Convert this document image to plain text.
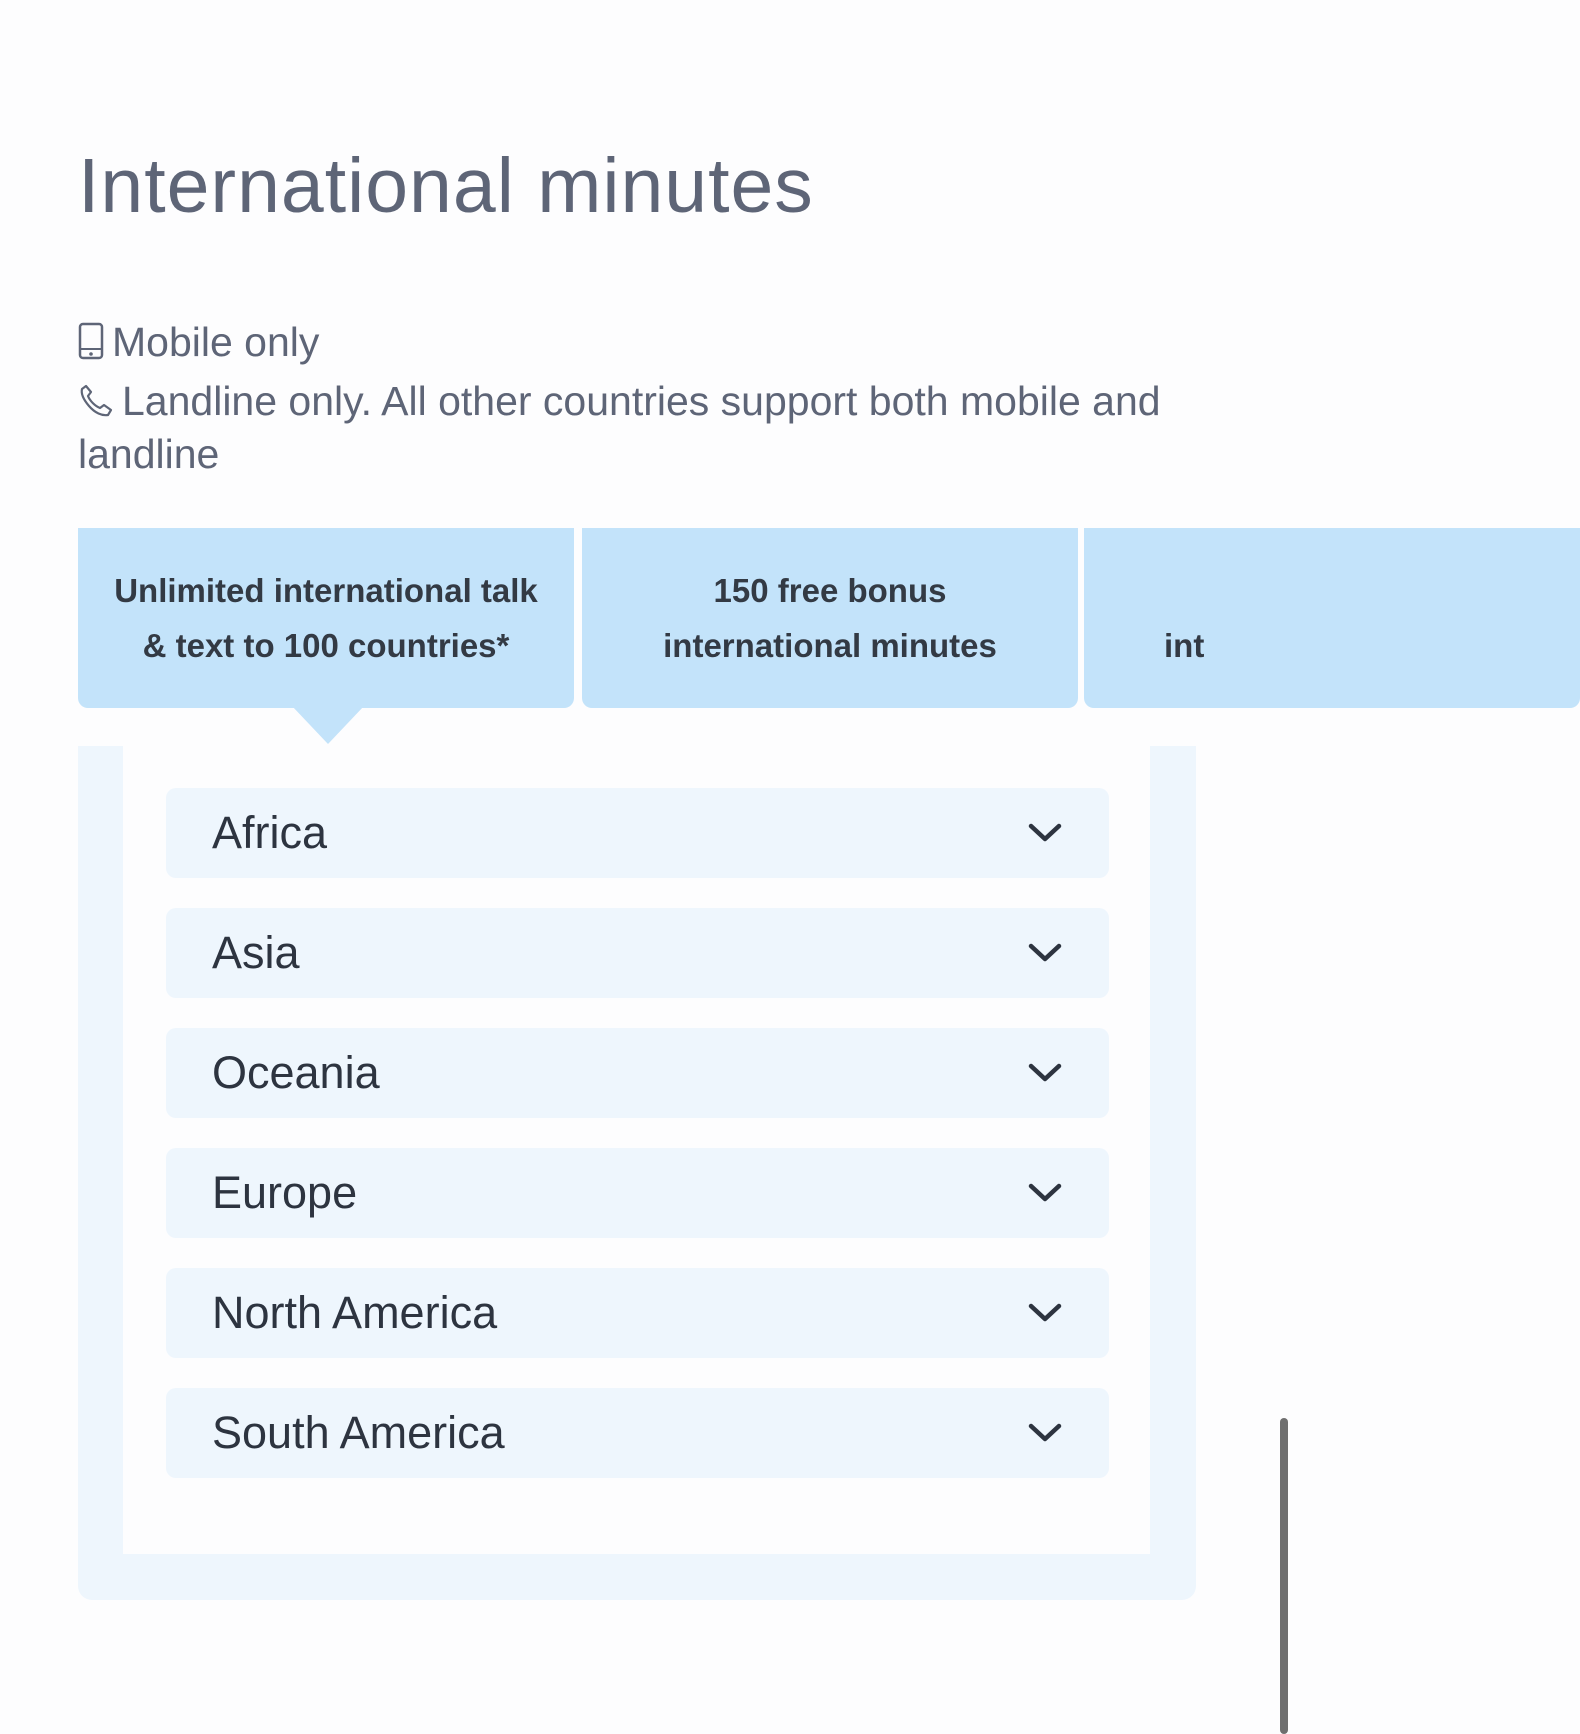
International minutes
Mobile only
Landline only. All other countries support both mobile and landline
Unlimited international talk
& text to 100 countries*
150 free bonus
international minutes
	int
Africa
Asia
Oceania
Europe
North America
South America
